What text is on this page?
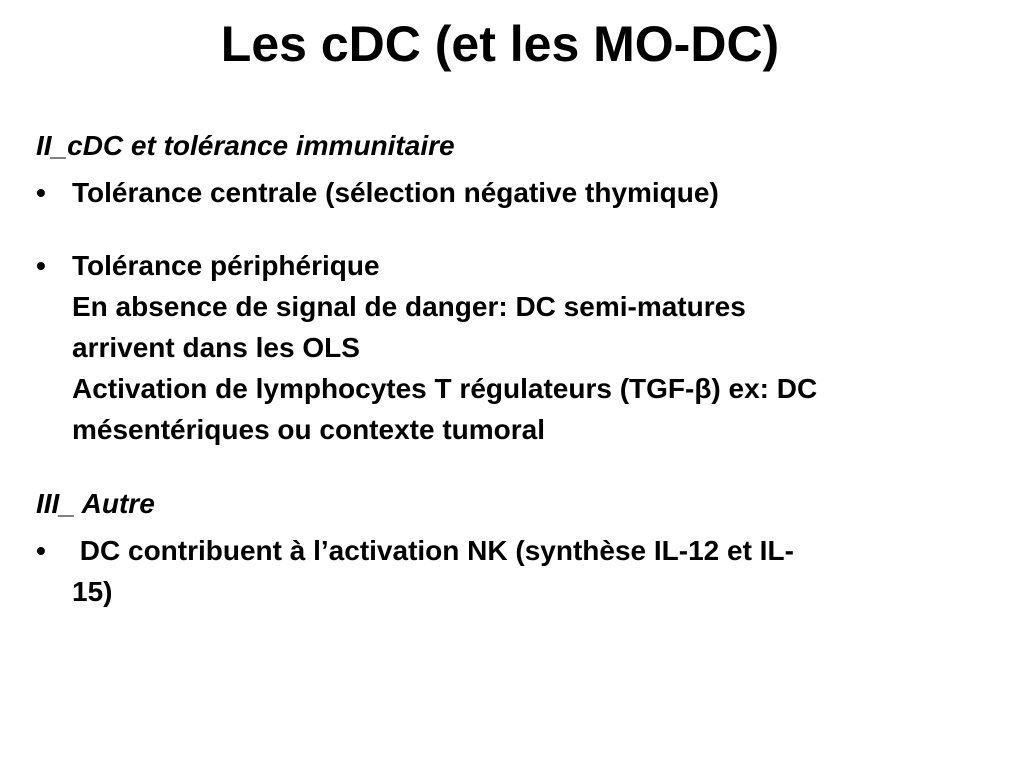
Les cDC (et les MO-DC)

II_cDC et tolérance immunitaire

• Tolérance centrale (sélection négative thymique)
• Tolérance périphérique
En absence de signal de danger: DC semi-matures
arrivent dans les OLS
Activation de lymphocytes T régulateurs (TGF-β) ex: DC
mésentériques ou contexte tumoral

III_ Autre

• DC contribuent à l’activation NK (synthèse IL-12 et IL-
15)
